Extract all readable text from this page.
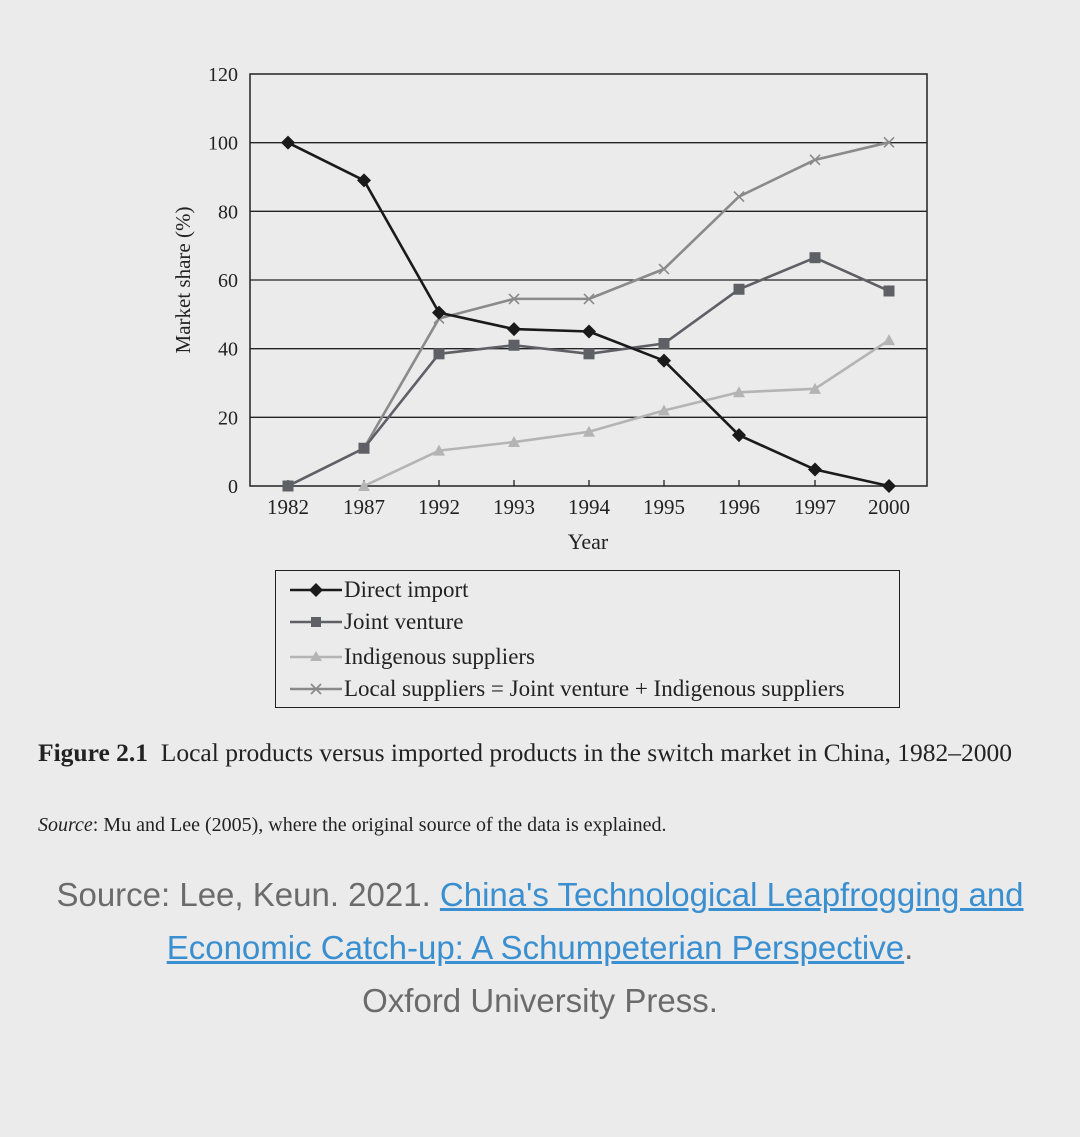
0
20
40
60
80
100
120
1982 1987 1992 1993 1994 1995 1996 1997 2000
Market share (%)
Year
Direct import
Joint venture
Indigenous suppliers
Local suppliers = Joint venture + Indigenous suppliers
Figure 2.1 Local products versus imported products in the switch market in China, 1982–2000
Source: Mu and Lee (2005), where the original source of the data is explained.
Source: Lee, Keun. 2021. China's Technological Leapfrogging and Economic Catch-up: A Schumpeterian Perspective.
Oxford University Press.
